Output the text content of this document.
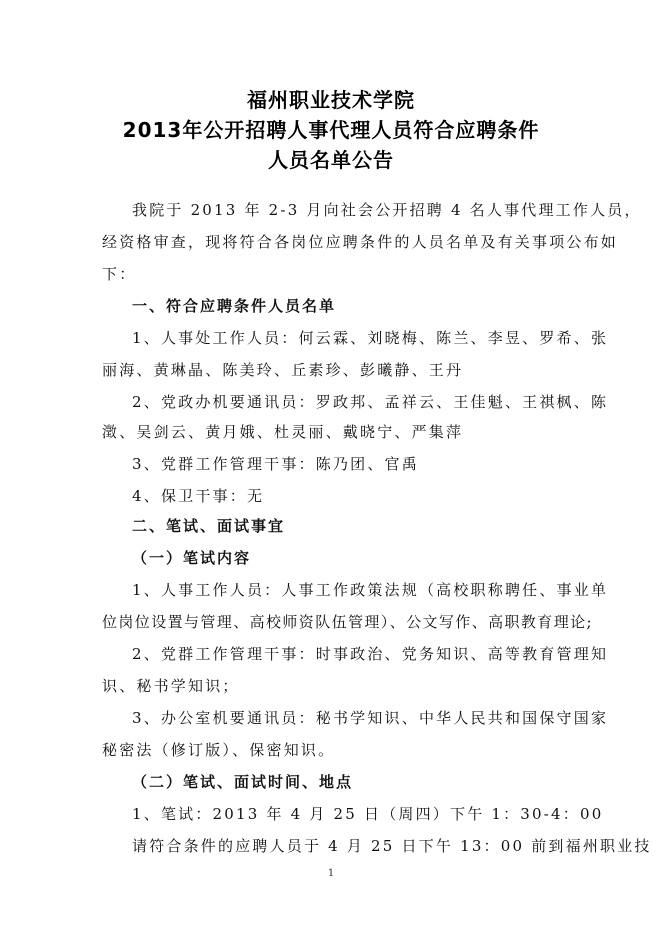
福州职业技术学院
2013年公开招聘人事代理人员符合应聘条件
人员名单公告
我院于 2013 年 2-3 月向社会公开招聘 4 名人事代理工作人员，
经资格审查，现将符合各岗位应聘条件的人员名单及有关事项公布如
下：
一、符合应聘条件人员名单
1、人事处工作人员：何云霖、刘晓梅、陈兰、李昱、罗希、张
丽海、黄琳晶、陈美玲、丘素珍、彭曦静、王丹
2、党政办机要通讯员：罗政邦、孟祥云、王佳魁、王祺枫、陈
澂、吴剑云、黄月娥、杜灵丽、戴晓宁、严集萍
3、党群工作管理干事：陈乃团、官禹
4、保卫干事：无
二、笔试、面试事宜
（一）笔试内容
1、人事工作人员：人事工作政策法规（高校职称聘任、事业单
位岗位设置与管理、高校师资队伍管理）、公文写作、高职教育理论;
2、党群工作管理干事：时事政治、党务知识、高等教育管理知
识、秘书学知识；
3、办公室机要通讯员：秘书学知识、中华人民共和国保守国家
秘密法（修订版）、保密知识。
（二）笔试、面试时间、地点
1、笔试：2013 年 4 月 25 日（周四）下午 1：30-4：00
请符合条件的应聘人员于 4 月 25 日下午 13：00 前到福州职业技
1
